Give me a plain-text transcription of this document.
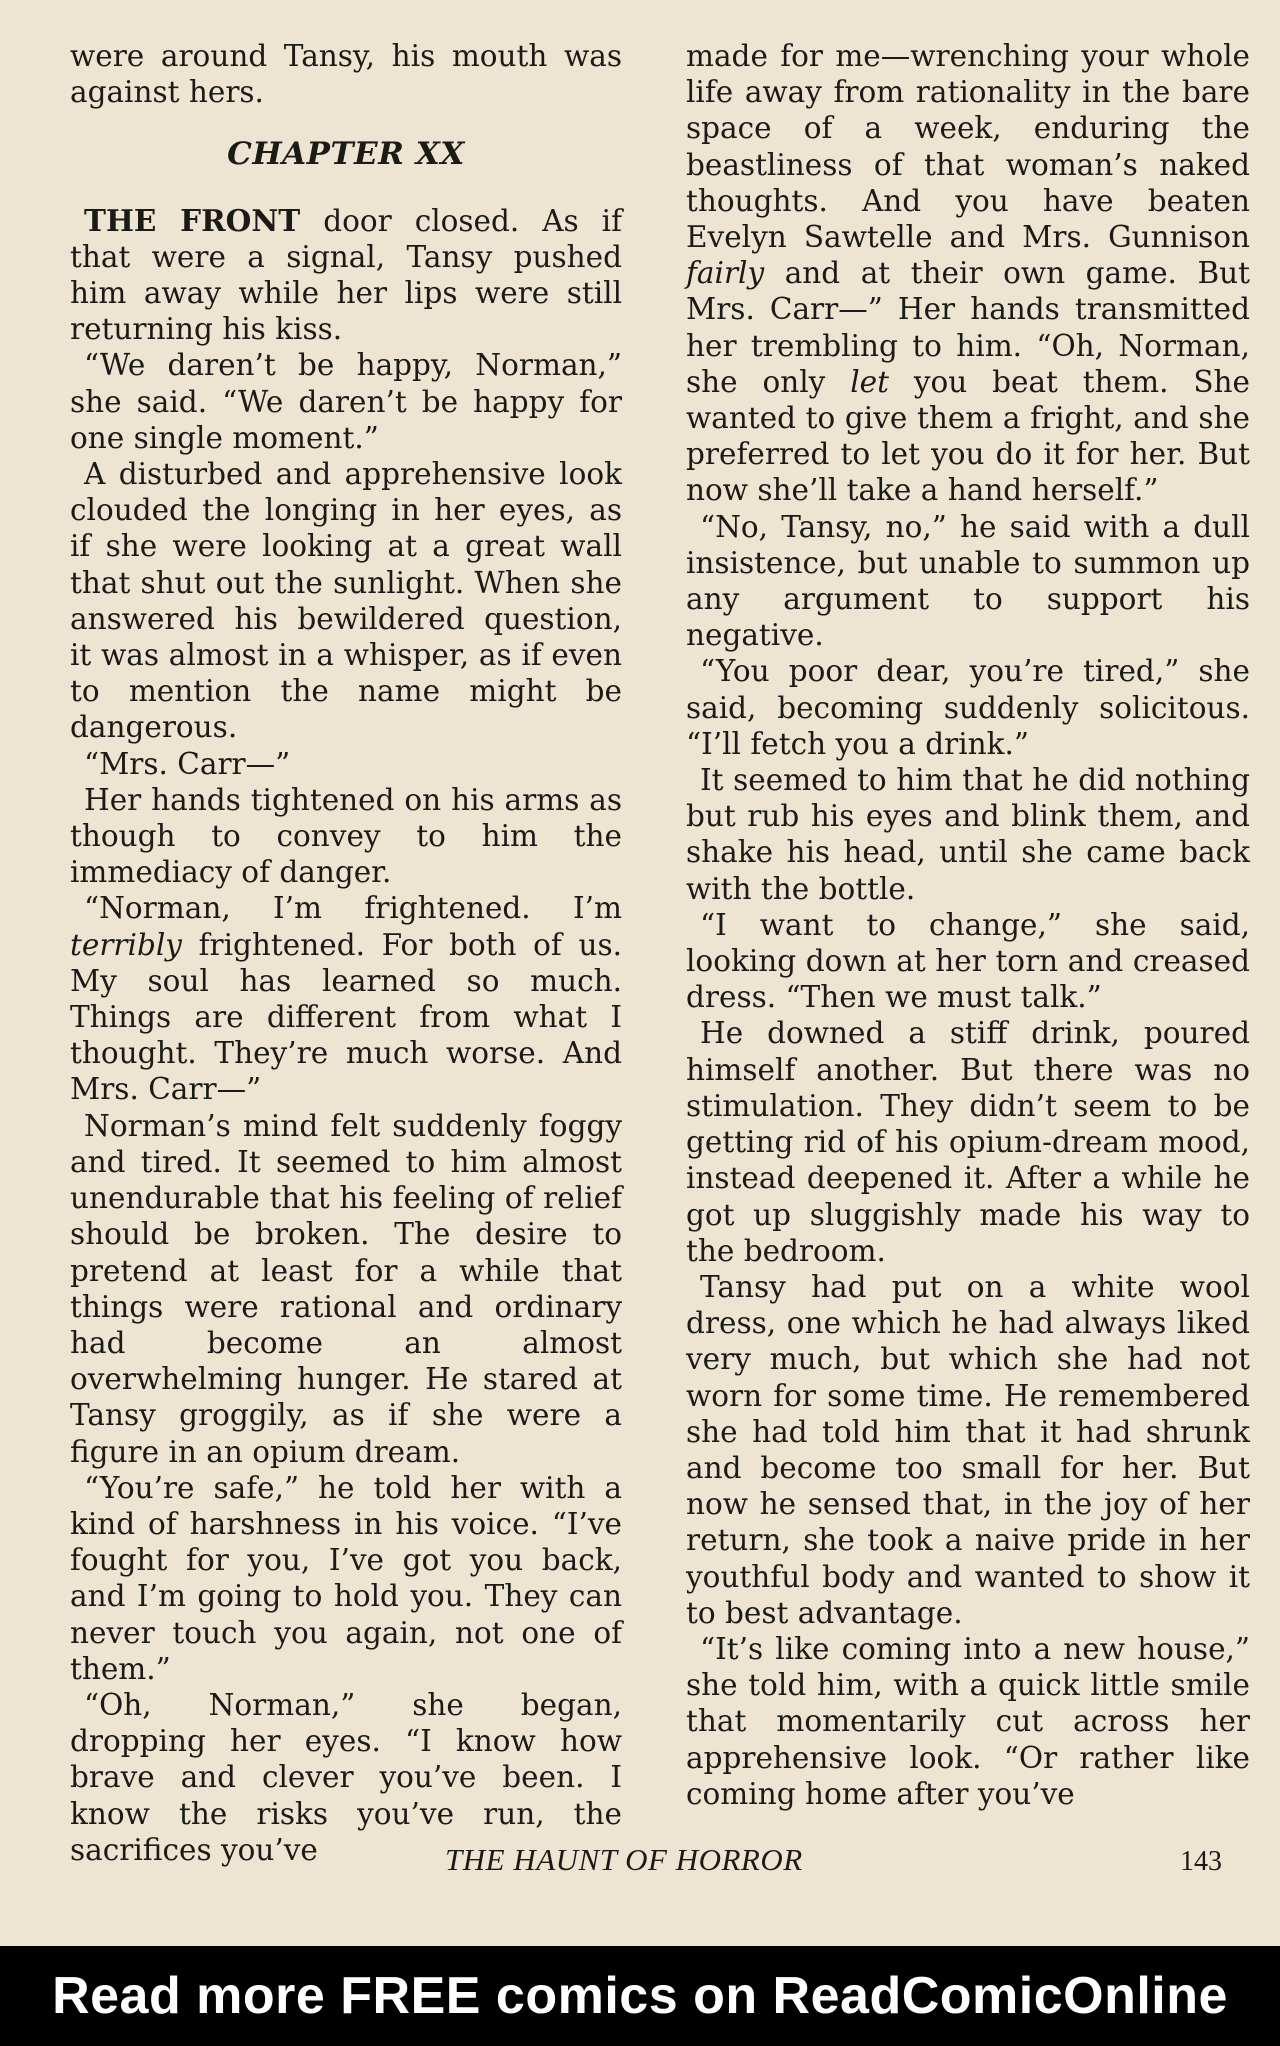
were around Tansy, his mouth was against hers.

CHAPTER XX

THE FRONT door closed. As if that were a signal, Tansy pushed him away while her lips were still returning his kiss.

“We daren’t be happy, Norman,” she said. “We daren’t be happy for one single moment.”

A disturbed and apprehensive look clouded the longing in her eyes, as if she were looking at a great wall that shut out the sunlight. When she answered his bewildered question, it was almost in a whisper, as if even to mention the name might be dangerous.

“Mrs. Carr—”

Her hands tightened on his arms as though to convey to him the immediacy of danger.

“Norman, I’m frightened. I’m terribly frightened. For both of us. My soul has learned so much. Things are different from what I thought. They’re much worse. And Mrs. Carr—”

Norman’s mind felt suddenly foggy and tired. It seemed to him almost unendurable that his feeling of relief should be broken. The desire to pretend at least for a while that things were rational and ordinary had become an almost overwhelming hunger. He stared at Tansy groggily, as if she were a figure in an opium dream.

“You’re safe,” he told her with a kind of harshness in his voice. “I’ve fought for you, I’ve got you back, and I’m going to hold you. They can never touch you again, not one of them.”

“Oh, Norman,” she began, dropping her eyes. “I know how brave and clever you’ve been. I know the risks you’ve run, the sacrifices you’ve

made for me—wrenching your whole life away from rationality in the bare space of a week, enduring the beastliness of that woman’s naked thoughts. And you have beaten Evelyn Sawtelle and Mrs. Gunnison fairly and at their own game. But Mrs. Carr—” Her hands transmitted her trembling to him. “Oh, Norman, she only let you beat them. She wanted to give them a fright, and she preferred to let you do it for her. But now she’ll take a hand herself.”

“No, Tansy, no,” he said with a dull insistence, but unable to summon up any argument to support his negative.

“You poor dear, you’re tired,” she said, becoming suddenly solicitous. “I’ll fetch you a drink.”

It seemed to him that he did nothing but rub his eyes and blink them, and shake his head, until she came back with the bottle.

“I want to change,” she said, looking down at her torn and creased dress. “Then we must talk.”

He downed a stiff drink, poured himself another. But there was no stimulation. They didn’t seem to be getting rid of his opium-dream mood, instead deepened it. After a while he got up sluggishly made his way to the bedroom.

Tansy had put on a white wool dress, one which he had always liked very much, but which she had not worn for some time. He remembered she had told him that it had shrunk and become too small for her. But now he sensed that, in the joy of her return, she took a naive pride in her youthful body and wanted to show it to best advantage.

“It’s like coming into a new house,” she told him, with a quick little smile that momentarily cut across her apprehensive look. “Or rather like coming home after you’ve

THE HAUNT OF HORROR	143
Read more FREE comics on ReadComicOnline
